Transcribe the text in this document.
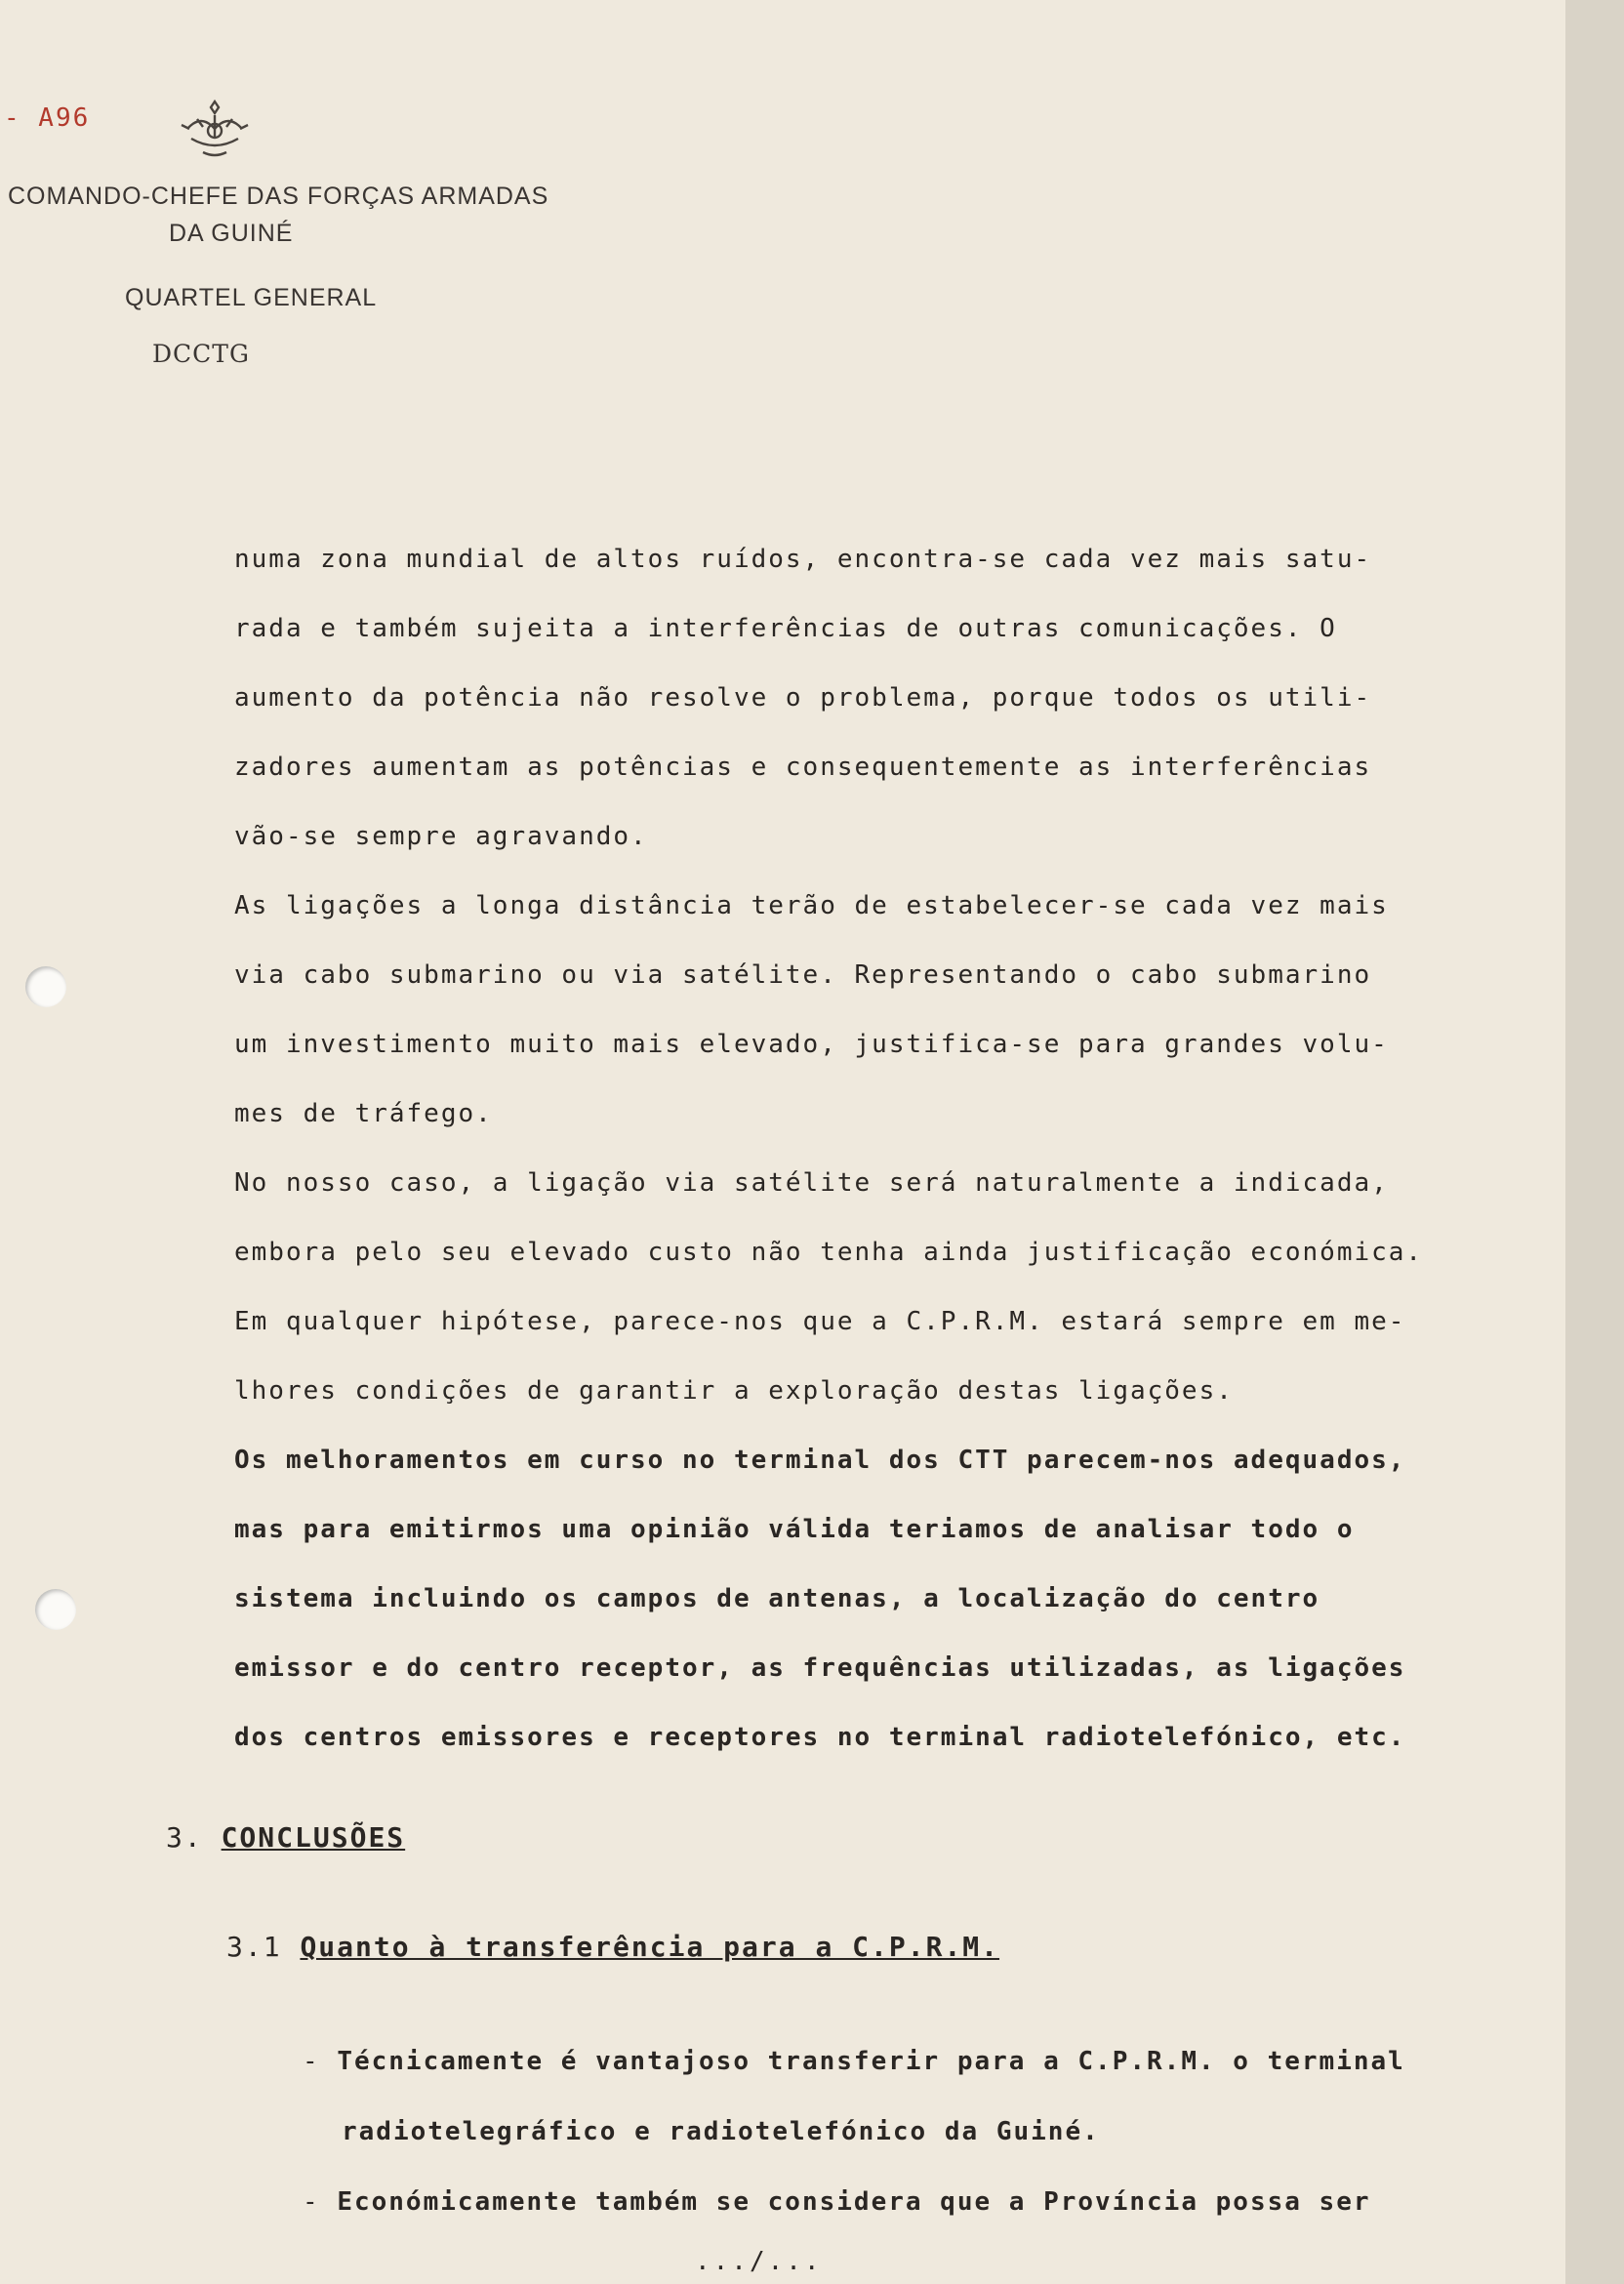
- A96
COMANDO-CHEFE DAS FORÇAS ARMADAS
DA GUINÉ
QUARTEL GENERAL
DCCTG

numa zona mundial de altos ruídos, encontra-se cada vez mais satu-

rada e também sujeita a interferências de outras comunicações. O

aumento da potência não resolve o problema, porque todos os utili-

zadores aumentam as potências e consequentemente as interferências

vão-se sempre agravando.

As ligações a longa distância terão de estabelecer-se cada vez mais

via cabo submarino ou via satélite. Representando o cabo submarino

um investimento muito mais elevado, justifica-se para grandes volu-

mes de tráfego.

No nosso caso, a ligação via satélite será naturalmente a indicada,

embora pelo seu elevado custo não tenha ainda justificação económica.

Em qualquer hipótese, parece-nos que a C.P.R.M. estará sempre em me-

lhores condições de garantir a exploração destas ligações.

Os melhoramentos em curso no terminal dos CTT parecem-nos adequados,

mas para emitirmos uma opinião válida teriamos de analisar todo o

sistema incluindo os campos de antenas, a localização do centro

emissor e do centro receptor, as frequências utilizadas, as ligações

dos centros emissores e receptores no terminal radiotelefónico, etc.

3. CONCLUSÕES
3.1 Quanto à transferência para a C.P.R.M.

- Técnicamente é vantajoso transferir para a C.P.R.M. o terminal

radiotelegráfico e radiotelefónico da Guiné.

- Económicamente também se considera que a Província possa ser

.../...
